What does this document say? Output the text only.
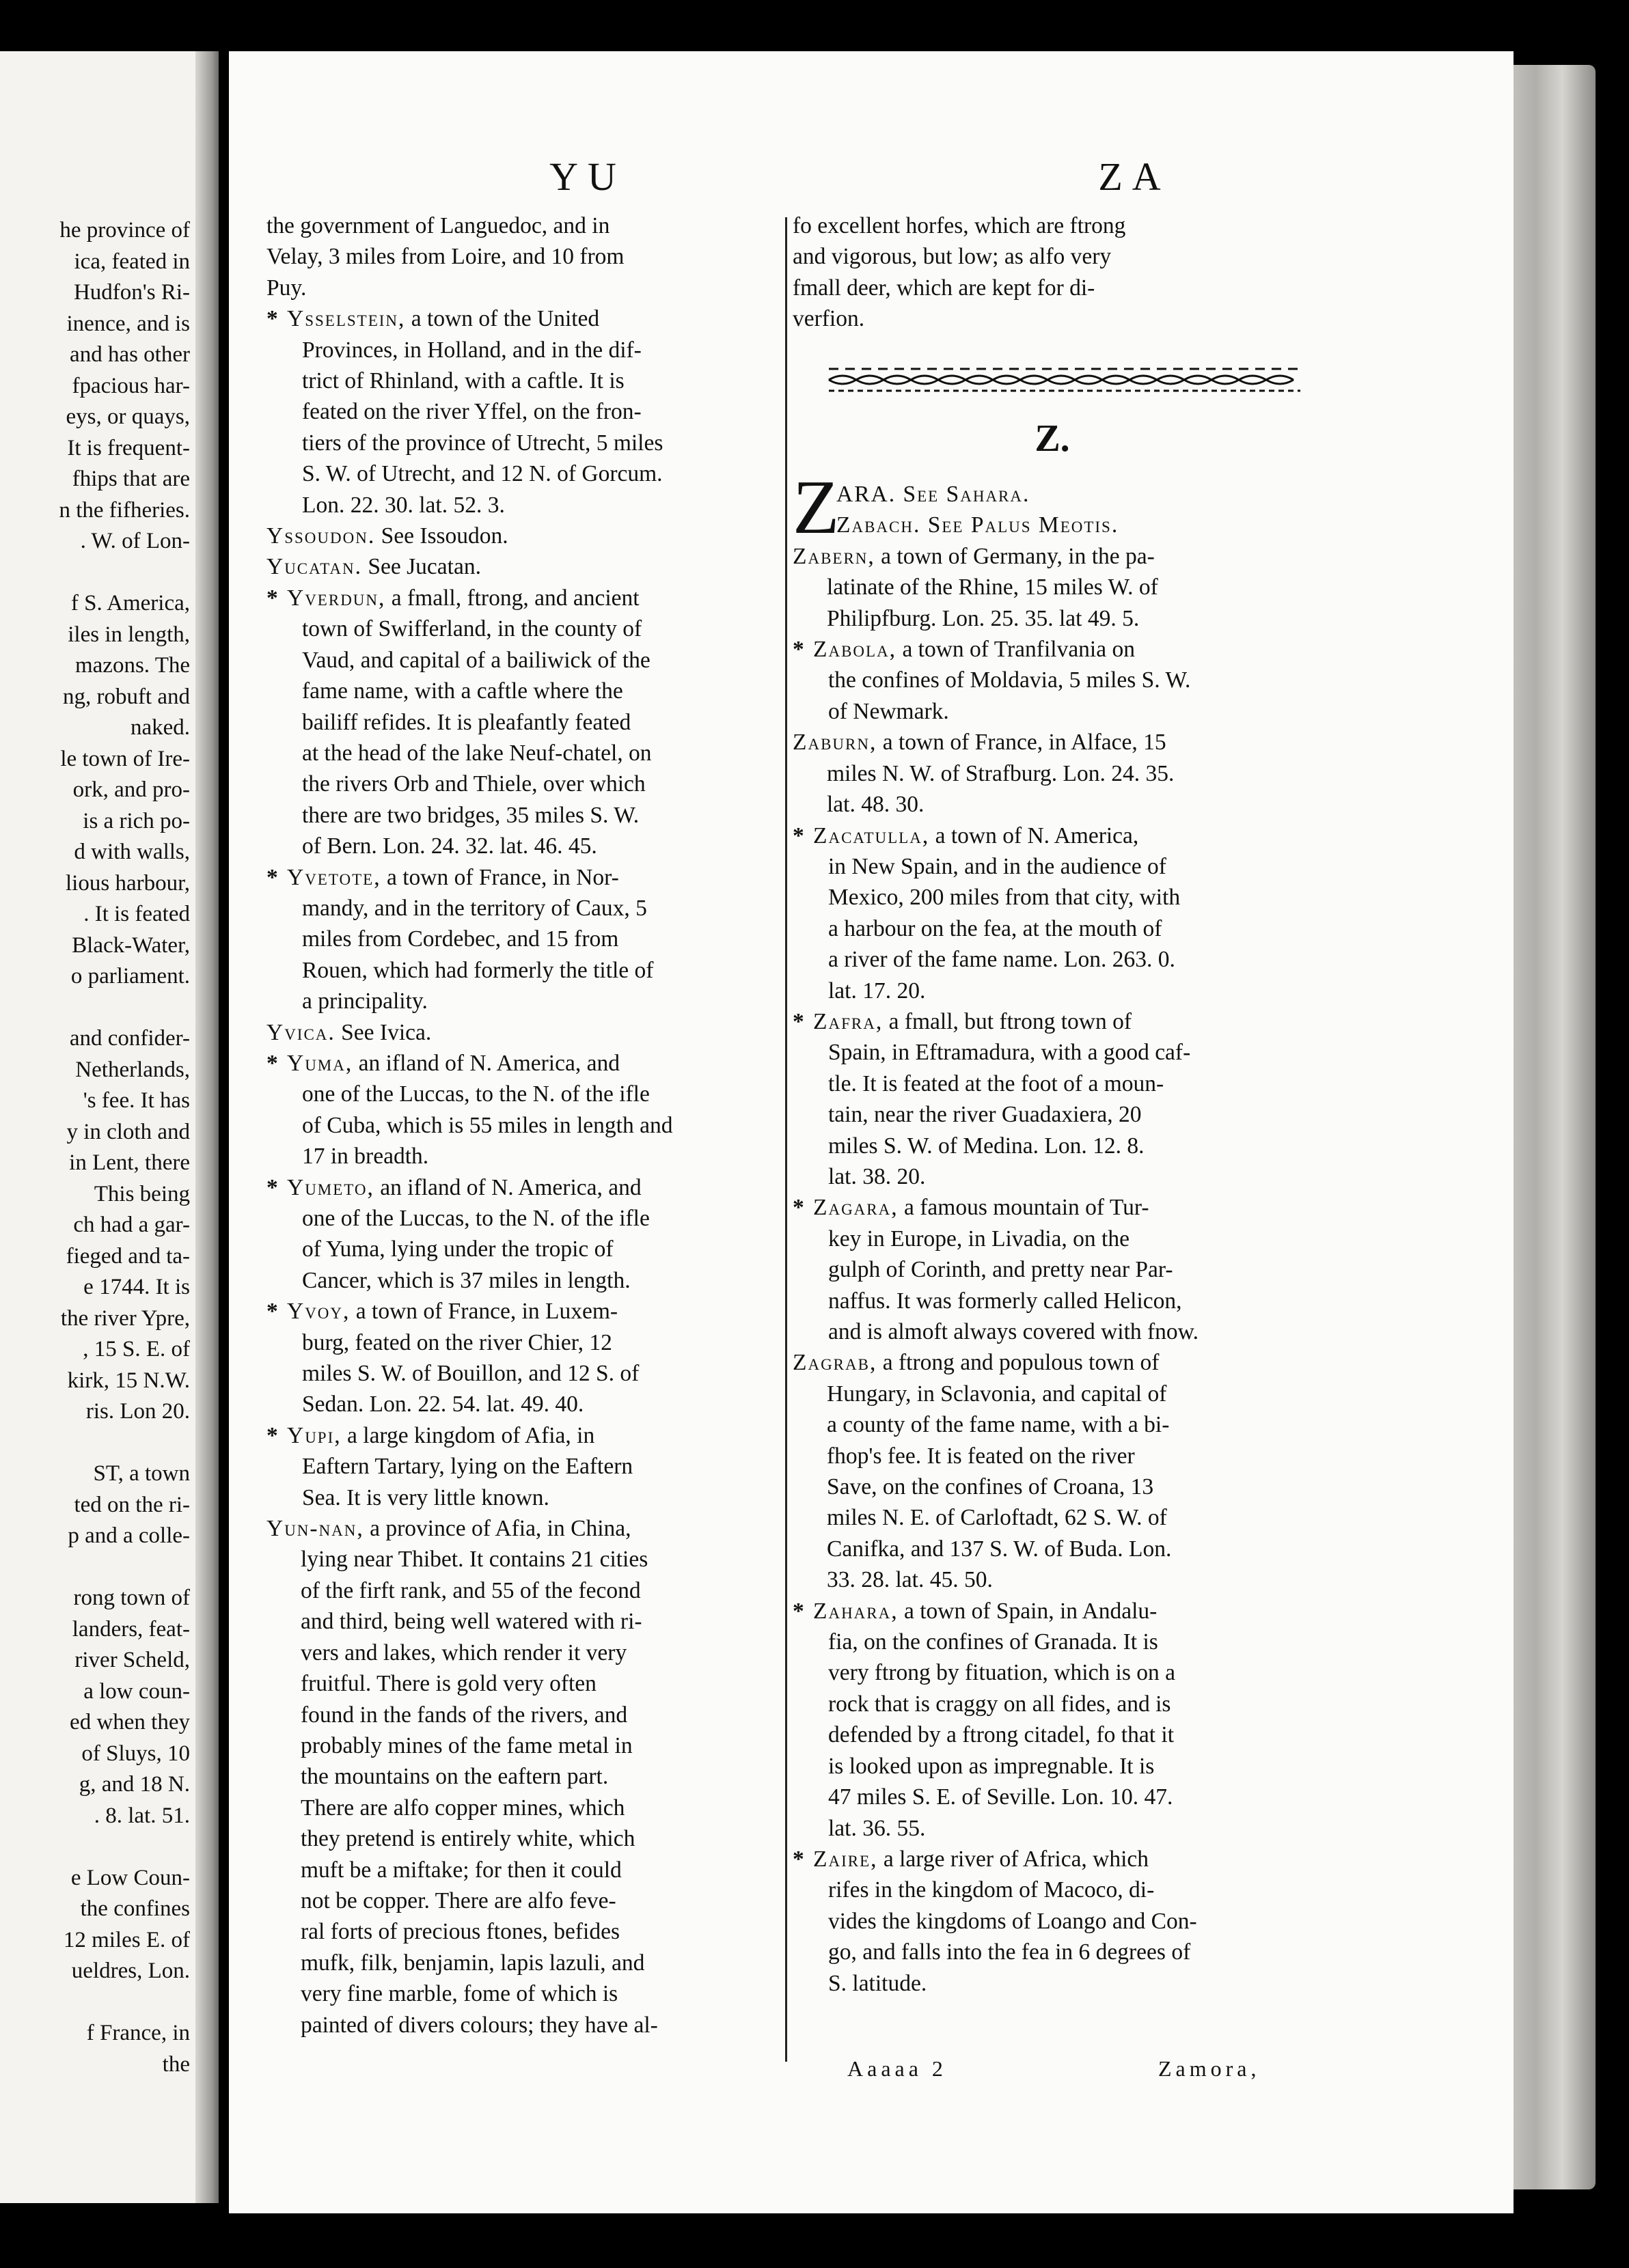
he province of
ica, feated in
Hudfon's Ri-
inence, and is
and has other
fpacious har-
eys, or quays,
It is frequent-
fhips that are
n the fifheries.
. W. of Lon-
f S. America,
iles in length,
mazons. The
ng, robuft and
naked.
le town of Ire-
ork, and pro-
is a rich po-
d with walls,
lious harbour,
. It is feated
Black-Water,
o parliament.
and confider-
Netherlands,
's fee. It has
y in cloth and
in Lent, there
This being
ch had a gar-
fieged and ta-
e 1744. It is
the river Ypre,
, 15 S. E. of
kirk, 15 N.W.
ris. Lon 20.
ST, a town
ted on the ri-
p and a colle-
rong town of
landers, feat-
river Scheld,
a low coun-
ed when they
of Sluys, 10
g, and 18 N.
. 8. lat. 51.
e Low Coun-
the confines
12 miles E. of
ueldres, Lon.
f France, in
the
YU	ZA
the government of Languedoc, and in
Velay, 3 miles from Loire, and 10 from
Puy.
* Ysselstein, a town of the United
Provinces, in Holland, and in the dif-
trict of Rhinland, with a caftle. It is
feated on the river Yffel, on the fron-
tiers of the province of Utrecht, 5 miles
S. W. of Utrecht, and 12 N. of Gorcum.
Lon. 22. 30. lat. 52. 3.
Yssoudon. See Issoudon.
Yucatan. See Jucatan.
* Yverdun, a fmall, ftrong, and ancient
town of Swifferland, in the county of
Vaud, and capital of a bailiwick of the
fame name, with a caftle where the
bailiff refides. It is pleafantly feated
at the head of the lake Neuf-chatel, on
the rivers Orb and Thiele, over which
there are two bridges, 35 miles S. W.
of Bern. Lon. 24. 32. lat. 46. 45.
* Yvetote, a town of France, in Nor-
mandy, and in the territory of Caux, 5
miles from Cordebec, and 15 from
Rouen, which had formerly the title of
a principality.
Yvica. See Ivica.
* Yuma, an ifland of N. America, and
one of the Luccas, to the N. of the ifle
of Cuba, which is 55 miles in length and
17 in breadth.
* Yumeto, an ifland of N. America, and
one of the Luccas, to the N. of the ifle
of Yuma, lying under the tropic of
Cancer, which is 37 miles in length.
* Yvoy, a town of France, in Luxem-
burg, feated on the river Chier, 12
miles S. W. of Bouillon, and 12 S. of
Sedan. Lon. 22. 54. lat. 49. 40.
* Yupi, a large kingdom of Afia, in
Eaftern Tartary, lying on the Eaftern
Sea. It is very little known.
Yun-nan, a province of Afia, in China,
lying near Thibet. It contains 21 cities
of the firft rank, and 55 of the fecond
and third, being well watered with ri-
vers and lakes, which render it very
fruitful. There is gold very often
found in the fands of the rivers, and
probably mines of the fame metal in
the mountains on the eaftern part.
There are alfo copper mines, which
they pretend is entirely white, which
muft be a miftake; for then it could
not be copper. There are alfo feve-
ral forts of precious ftones, befides
mufk, filk, benjamin, lapis lazuli, and
very fine marble, fome of which is
painted of divers colours; they have al-
fo excellent horfes, which are ftrong
and vigorous, but low; as alfo very
fmall deer, which are kept for di-
verfion.
Z.
Z
ARA. See Sahara.
Zabach. See Palus Meotis.
Zabern, a town of Germany, in the pa-
latinate of the Rhine, 15 miles W. of
Philipfburg. Lon. 25. 35. lat 49. 5.
* Zabola, a town of Tranfilvania on
the confines of Moldavia, 5 miles S. W.
of Newmark.
Zaburn, a town of France, in Alface, 15
miles N. W. of Strafburg. Lon. 24. 35.
lat. 48. 30.
* Zacatulla, a town of N. America,
in New Spain, and in the audience of
Mexico, 200 miles from that city, with
a harbour on the fea, at the mouth of
a river of the fame name. Lon. 263. 0.
lat. 17. 20.
* Zafra, a fmall, but ftrong town of
Spain, in Eftramadura, with a good caf-
tle. It is feated at the foot of a moun-
tain, near the river Guadaxiera, 20
miles S. W. of Medina. Lon. 12. 8.
lat. 38. 20.
* Zagara, a famous mountain of Tur-
key in Europe, in Livadia, on the
gulph of Corinth, and pretty near Par-
naffus. It was formerly called Helicon,
and is almoft always covered with fnow.
Zagrab, a ftrong and populous town of
Hungary, in Sclavonia, and capital of
a county of the fame name, with a bi-
fhop's fee. It is feated on the river
Save, on the confines of Croana, 13
miles N. E. of Carloftadt, 62 S. W. of
Canifka, and 137 S. W. of Buda. Lon.
33. 28. lat. 45. 50.
* Zahara, a town of Spain, in Andalu-
fia, on the confines of Granada. It is
very ftrong by fituation, which is on a
rock that is craggy on all fides, and is
defended by a ftrong citadel, fo that it
is looked upon as impregnable. It is
47 miles S. E. of Seville. Lon. 10. 47.
lat. 36. 55.
* Zaire, a large river of Africa, which
rifes in the kingdom of Macoco, di-
vides the kingdoms of Loango and Con-
go, and falls into the fea in 6 degrees of
S. latitude.
Aaaaa 2	Zamora,
